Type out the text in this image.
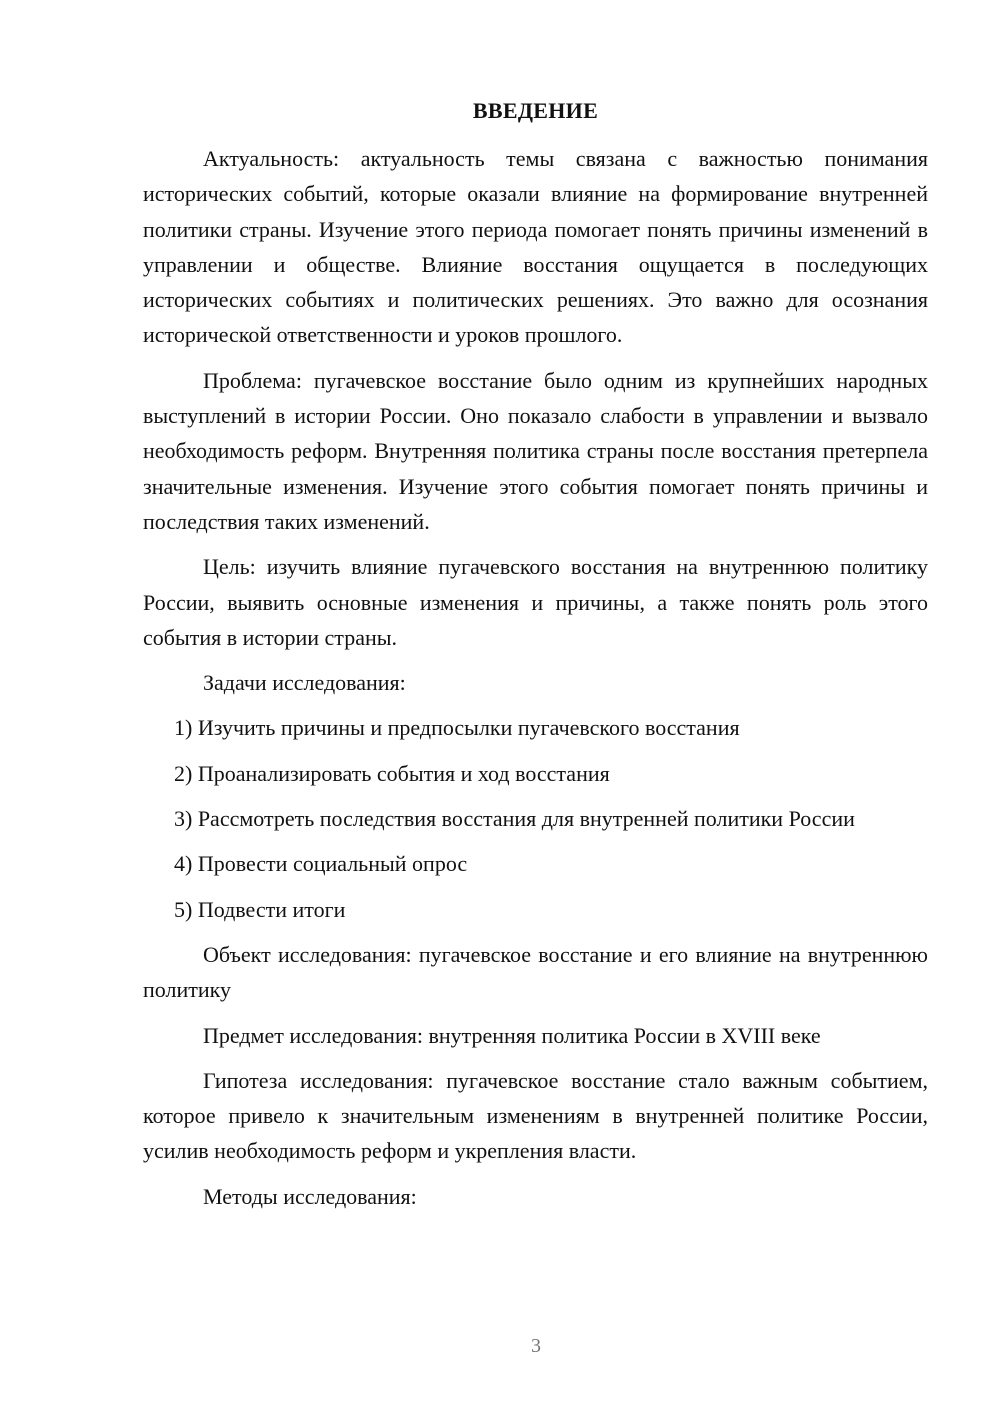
ВВЕДЕНИЕ

Актуальность: актуальность темы связана с важностью понимания исторических событий, которые оказали влияние на формирование внутренней политики страны. Изучение этого периода помогает понять причины изменений в управлении и обществе. Влияние восстания ощущается в последующих исторических событиях и политических решениях. Это важно для осознания исторической ответственности и уроков прошлого.

Проблема: пугачевское восстание было одним из крупнейших народных выступлений в истории России. Оно показало слабости в управлении и вызвало необходимость реформ. Внутренняя политика страны после восстания претерпела значительные изменения. Изучение этого события помогает понять причины и последствия таких изменений.

Цель: изучить влияние пугачевского восстания на внутреннюю политику России, выявить основные изменения и причины, а также понять роль этого события в истории страны.

Задачи исследования:

1) Изучить причины и предпосылки пугачевского восстания

2) Проанализировать события и ход восстания

3) Рассмотреть последствия восстания для внутренней политики России

4) Провести социальный опрос

5) Подвести итоги

Объект исследования: пугачевское восстание и его влияние на внутреннюю политику

Предмет исследования: внутренняя политика России в XVIII веке

Гипотеза исследования: пугачевское восстание стало важным событием, которое привело к значительным изменениям в внутренней политике России, усилив необходимость реформ и укрепления власти.

Методы исследования:

3
